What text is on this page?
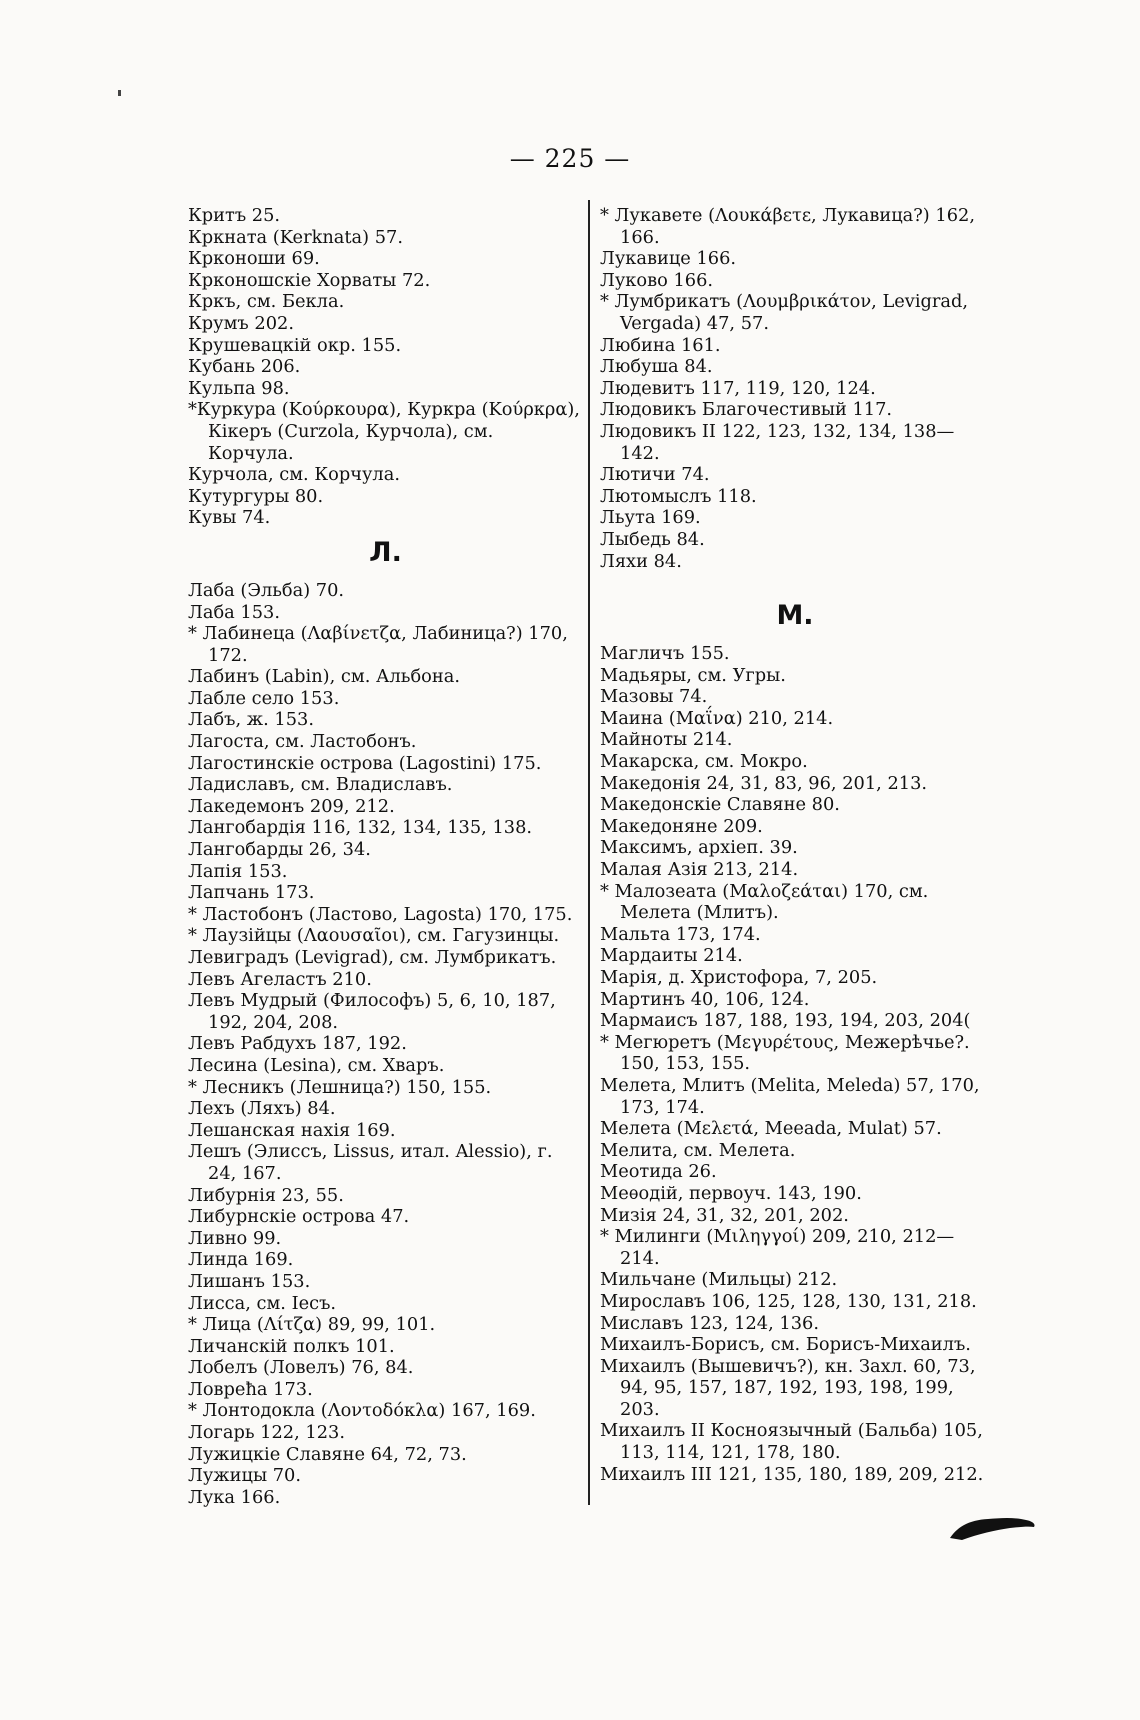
— 225 —
Критъ 25.
Кркната (Kerknata) 57.
Крконоши 69.
Крконошскіе Хорваты 72.
Кркъ, см. Бекла.
Крумъ 202.
Крушевацкій окр. 155.
Кубань 206.
Кульпа 98.
*Куркура (Κούρκουρα), Куркра (Κούρκρα), Кікеръ (Curzola, Курчола), см. Корчула.
Курчола, см. Корчула.
Кутургуры 80.
Кувы 74.
Л.
Лаба (Эльба) 70.
Лаба 153.
* Лабинеца (Λαβίνετζα, Лабиница?) 170, 172.
Лабинъ (Labin), см. Альбона.
Лабле село 153.
Лабъ, ж. 153.
Лагоста, см. Ластобонъ.
Лагостинскіе острова (Lagostini) 175.
Ладиславъ, см. Владиславъ.
Лакедемонъ 209, 212.
Лангобардія 116, 132, 134, 135, 138.
Лангобарды 26, 34.
Лапія 153.
Лапчань 173.
* Ластобонъ (Ластово, Lagosta) 170, 175.
* Лаузійцы (Λαουσαῖοι), см. Гагузинцы.
Левиградъ (Levigrad), см. Лумбрикатъ.
Левъ Агеластъ 210.
Левъ Мудрый (Философъ) 5, 6, 10, 187, 192, 204, 208.
Левъ Рабдухъ 187, 192.
Лесина (Lesina), см. Хваръ.
* Лесникъ (Лешница?) 150, 155.
Лехъ (Ляхъ) 84.
Лешанская нахія 169.
Лешъ (Элиссъ, Lissus, итал. Alessio), г. 24, 167.
Либурнія 23, 55.
Либурнскіе острова 47.
Ливно 99.
Линда 169.
Лишанъ 153.
Лисса, см. Іесъ.
* Лица (Λίτζα) 89, 99, 101.
Личанскій полкъ 101.
Лобелъ (Ловелъ) 76, 84.
Ловреħа 173.
* Лонтодокла (Λοντοδόκλα) 167, 169.
Логарь 122, 123.
Лужицкіе Славяне 64, 72, 73.
Лужицы 70.
Лука 166.
* Лукавете (Λουκάβετε, Лукавица?) 162, 166.
Лукавице 166.
Луково 166.
* Лумбрикатъ (Λουμβρικάτον, Levigrad, Vergada) 47, 57.
Любина 161.
Любуша 84.
Людевитъ 117, 119, 120, 124.
Людовикъ Благочестивый 117.
Людовикъ II 122, 123, 132, 134, 138—142.
Лютичи 74.
Лютомыслъ 118.
Льута 169.
Лыбедь 84.
Ляхи 84.
М.
Магличъ 155.
Мадьяры, см. Угры.
Мазовы 74.
Маина (Μαΐνα) 210, 214.
Майноты 214.
Макарска, см. Мокро.
Македонія 24, 31, 83, 96, 201, 213.
Македонскіе Славяне 80.
Македоняне 209.
Максимъ, архіеп. 39.
Малая Азія 213, 214.
* Малозеата (Μαλοζεάται) 170, см. Мелета (Млитъ).
Мальта 173, 174.
Мардаиты 214.
Марія, д. Христофора, 7, 205.
Мартинъ 40, 106, 124.
Мармаисъ 187, 188, 193, 194, 203, 204(
* Мегюретъ (Μεγυρέτους, Межерѣчье?. 150, 153, 155.
Мелета, Млитъ (Melita, Meleda) 57, 170, 173, 174.
Мелета (Μελετά, Meeada, Mulat) 57.
Мелита, см. Мелета.
Меотида 26.
Меѳодій, первоуч. 143, 190.
Мизія 24, 31, 32, 201, 202.
* Милинги (Μιληγγοί) 209, 210, 212—214.
Мильчане (Мильцы) 212.
Мирославъ 106, 125, 128, 130, 131, 218.
Миславъ 123, 124, 136.
Михаилъ-Борисъ, см. Борисъ-Михаилъ.
Михаилъ (Вышевичъ?), кн. Захл. 60, 73, 94, 95, 157, 187, 192, 193, 198, 199, 203.
Михаилъ II Косноязычный (Бальба) 105, 113, 114, 121, 178, 180.
Михаилъ III 121, 135, 180, 189, 209, 212.
